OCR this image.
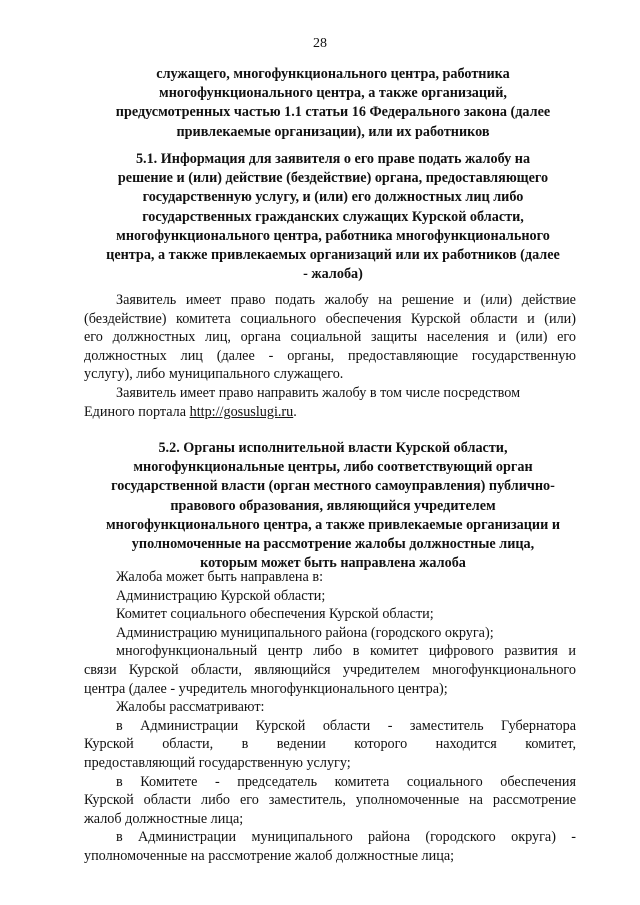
28
служащего, многофункционального центра, работника
многофункционального центра, а также организаций,
предусмотренных частью 1.1 статьи 16 Федерального закона (далее
привлекаемые организации), или их работников
5.1. Информация для заявителя о его праве подать жалобу на
решение и (или) действие (бездействие) органа, предоставляющего
государственную услугу, и (или) его должностных лиц либо
государственных гражданских служащих Курской области,
многофункционального центра, работника многофункционального
центра, а также привлекаемых организаций или их работников (далее
- жалоба)
Заявитель имеет право подать жалобу на решение и (или) действие
(бездействие) комитета социального обеспечения Курской области и (или)
его должностных лиц, органа социальной защиты населения и (или) его
должностных лиц (далее - органы, предоставляющие государственную
услугу), либо муниципального служащего.
Заявитель имеет право направить жалобу в том числе посредством
Единого портала http://gosuslugi.ru.
5.2. Органы исполнительной власти Курской области,
многофункциональные центры, либо соответствующий орган
государственной власти (орган местного самоуправления) публично-
правового образования, являющийся учредителем
многофункционального центра, а также привлекаемые организации и
уполномоченные на рассмотрение жалобы должностные лица,
которым может быть направлена жалоба
Жалоба может быть направлена в:
Администрацию Курской области;
Комитет социального обеспечения Курской области;
Администрацию муниципального района (городского округа);
многофункциональный центр либо в комитет цифрового развития и
связи Курской области, являющийся учредителем многофункционального
центра (далее - учредитель многофункционального центра);
Жалобы рассматривают:
в Администрации Курской области - заместитель Губернатора
Курской области, в ведении которого находится комитет,
предоставляющий государственную услугу;
в Комитете - председатель комитета социального обеспечения
Курской области либо его заместитель, уполномоченные на рассмотрение
жалоб должностные лица;
в Администрации муниципального района (городского округа) -
уполномоченные на рассмотрение жалоб должностные лица;
